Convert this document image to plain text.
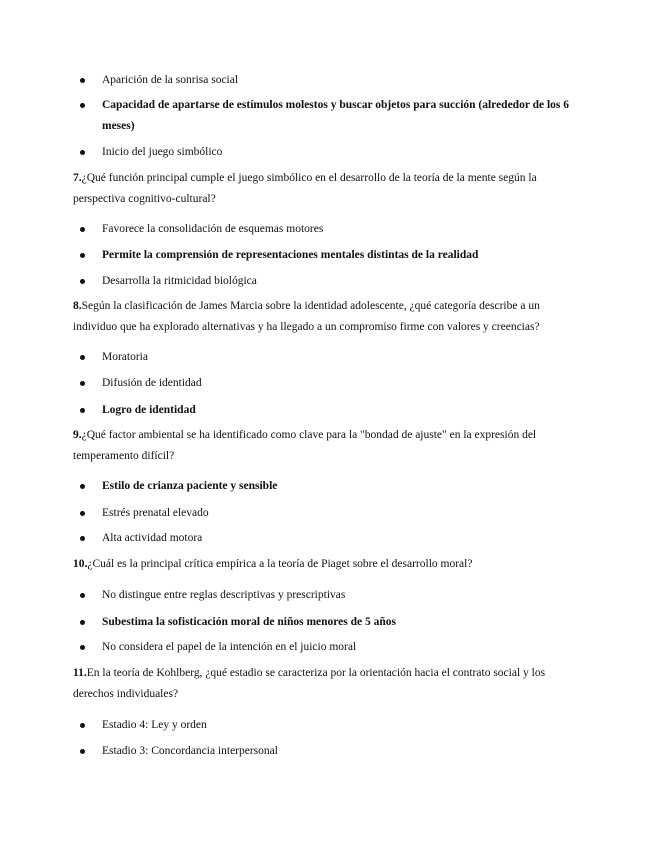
Aparición de la sonrisa social
Capacidad de apartarse de estímulos molestos y buscar objetos para succión (alrededor de los 6 meses)
Inicio del juego simbólico
7.¿Qué función principal cumple el juego simbólico en el desarrollo de la teoría de la mente según la perspectiva cognitivo-cultural?
Favorece la consolidación de esquemas motores
Permite la comprensión de representaciones mentales distintas de la realidad
Desarrolla la ritmicidad biológica
8.Según la clasificación de James Marcia sobre la identidad adolescente, ¿qué categoría describe a un individuo que ha explorado alternativas y ha llegado a un compromiso firme con valores y creencias?
Moratoria
Difusión de identidad
Logro de identidad
9.¿Qué factor ambiental se ha identificado como clave para la "bondad de ajuste" en la expresión del temperamento difícil?
Estilo de crianza paciente y sensible
Estrés prenatal elevado
Alta actividad motora
10.¿Cuál es la principal crítica empírica a la teoría de Piaget sobre el desarrollo moral?
No distingue entre reglas descriptivas y prescriptivas
Subestima la sofisticación moral de niños menores de 5 años
No considera el papel de la intención en el juicio moral
11.En la teoría de Kohlberg, ¿qué estadio se caracteriza por la orientación hacia el contrato social y los derechos individuales?
Estadio 4: Ley y orden
Estadio 3: Concordancia interpersonal
